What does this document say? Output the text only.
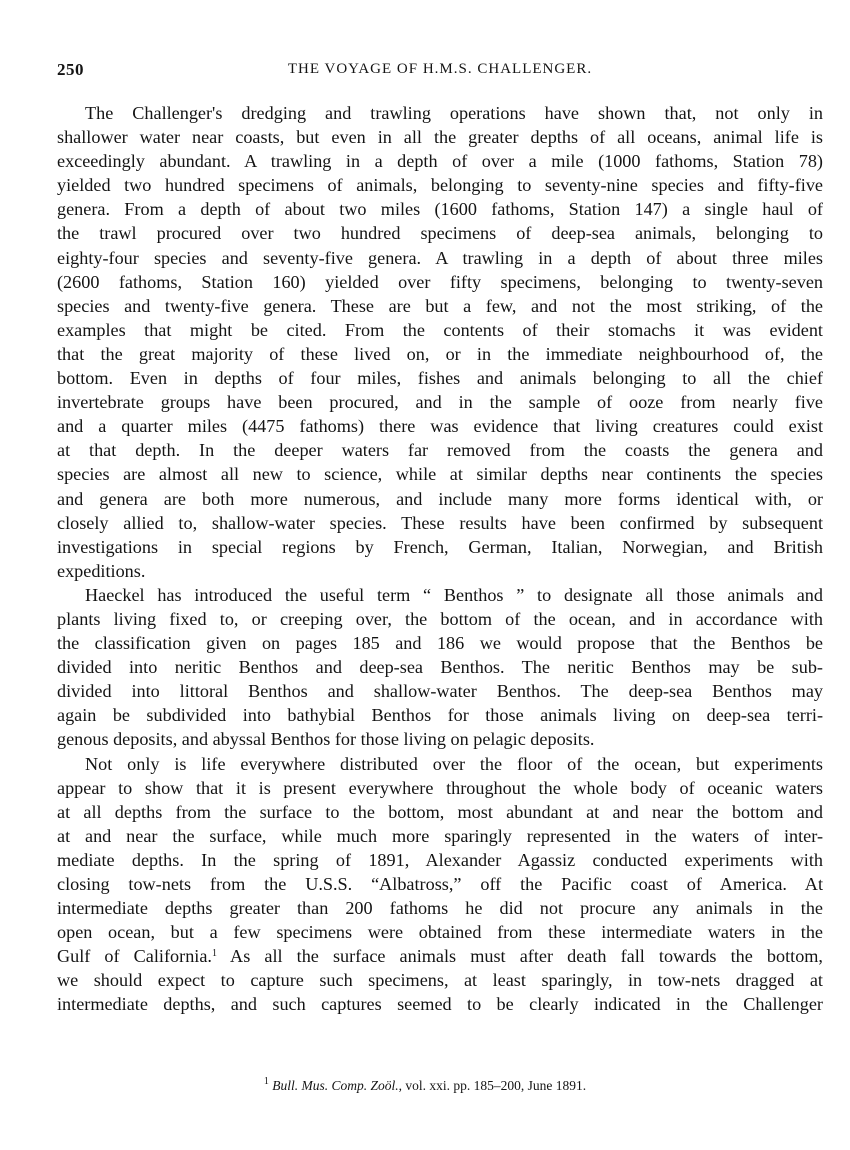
250	THE VOYAGE OF H.M.S. CHALLENGER.
The Challenger's dredging and trawling operations have shown that, not only in
shallower water near coasts, but even in all the greater depths of all oceans, animal life is
exceedingly abundant. A trawling in a depth of over a mile (1000 fathoms, Station 78)
yielded two hundred specimens of animals, belonging to seventy-nine species and fifty-five
genera. From a depth of about two miles (1600 fathoms, Station 147) a single haul of
the trawl procured over two hundred specimens of deep-sea animals, belonging to
eighty-four species and seventy-five genera. A trawling in a depth of about three miles
(2600 fathoms, Station 160) yielded over fifty specimens, belonging to twenty-seven
species and twenty-five genera. These are but a few, and not the most striking, of the
examples that might be cited. From the contents of their stomachs it was evident
that the great majority of these lived on, or in the immediate neighbourhood of, the
bottom. Even in depths of four miles, fishes and animals belonging to all the chief
invertebrate groups have been procured, and in the sample of ooze from nearly five
and a quarter miles (4475 fathoms) there was evidence that living creatures could exist
at that depth. In the deeper waters far removed from the coasts the genera and
species are almost all new to science, while at similar depths near continents the species
and genera are both more numerous, and include many more forms identical with, or
closely allied to, shallow-water species. These results have been confirmed by subsequent
investigations in special regions by French, German, Italian, Norwegian, and British
expeditions.
Haeckel has introduced the useful term “ Benthos ” to designate all those animals and
plants living fixed to, or creeping over, the bottom of the ocean, and in accordance with
the classification given on pages 185 and 186 we would propose that the Benthos be
divided into neritic Benthos and deep-sea Benthos. The neritic Benthos may be sub-
divided into littoral Benthos and shallow-water Benthos. The deep-sea Benthos may
again be subdivided into bathybial Benthos for those animals living on deep-sea terri-
genous deposits, and abyssal Benthos for those living on pelagic deposits.
Not only is life everywhere distributed over the floor of the ocean, but experiments
appear to show that it is present everywhere throughout the whole body of oceanic waters
at all depths from the surface to the bottom, most abundant at and near the bottom and
at and near the surface, while much more sparingly represented in the waters of inter-
mediate depths. In the spring of 1891, Alexander Agassiz conducted experiments with
closing tow-nets from the U.S.S. “Albatross,” off the Pacific coast of America. At
intermediate depths greater than 200 fathoms he did not procure any animals in the
open ocean, but a few specimens were obtained from these intermediate waters in the
Gulf of California.$^1$ As all the surface animals must after death fall towards the bottom,
we should expect to capture such specimens, at least sparingly, in tow-nets dragged at
intermediate depths, and such captures seemed to be clearly indicated in the Challenger
$^1$ Bull. Mus. Comp. Zoöl., vol. xxi. pp. 185–200, June 1891.
